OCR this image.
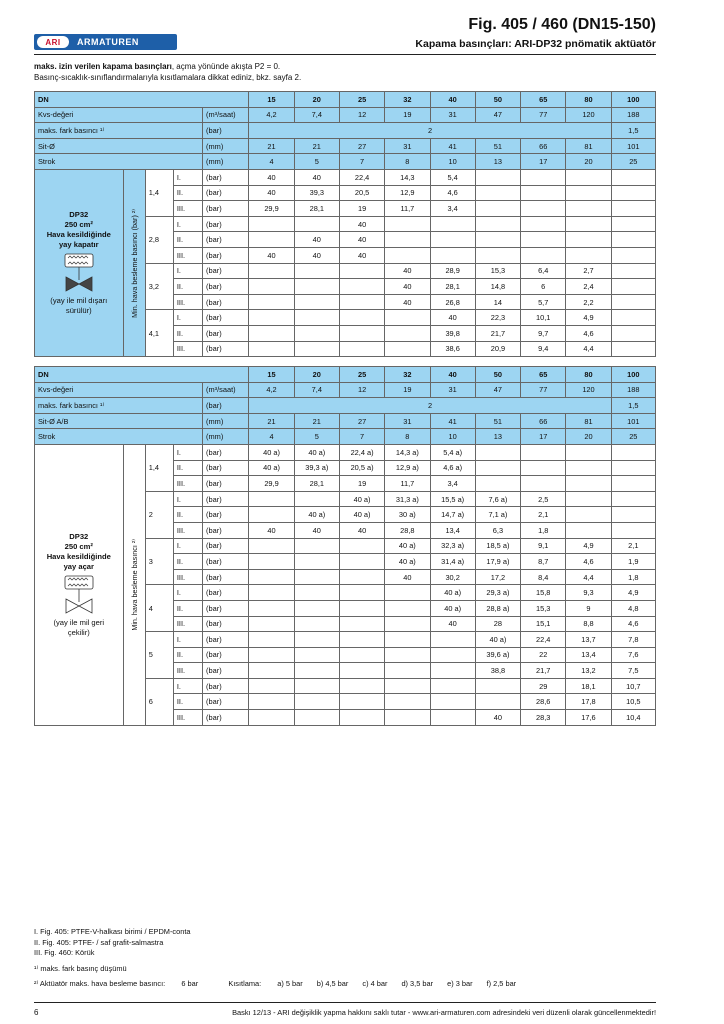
ARI	ARMATUREN
Fig. 405 / 460 (DN15-150)
Kapama basınçları: ARI-DP32 pnömatik aktüatör
maks. izin verilen kapama basınçları, açma yönünde akışta P2 = 0.
Basınç-sıcaklık-sınıflandırmalarıyla kısıtlamalara dikkat ediniz, bkz. sayfa 2.
DN					15	20	25	32	40	50	65	80	100
Kvs-değeri				(m³/saat)	4,2	7,4	12	19	31	47	77	120	188
maks. fark basıncı ¹⁾				(bar)	2								1,5
Sit-Ø				(mm)	21	21	27	31	41	51	66	81	101
Strok				(mm)	4	5	7	8	10	13	17	20	25

DP32
250 cm²
Hava kesildiğinde
yay kapatır
(yay ile mil dışarı sürülür)	Min. hava besleme basıncı (bar) ²⁾	1,4	I.	(bar)	40	40	22,4	14,3	5,4				
			II.	(bar)	40	39,3	20,5	12,9	4,6				
			III.	(bar)	29,9	28,1	19	11,7	3,4				
		2,8	I.	(bar)			40						
			II.	(bar)		40	40						
			III.	(bar)	40	40	40						
		3,2	I.	(bar)				40	28,9	15,3	6,4	2,7	
			II.	(bar)				40	28,1	14,8	6	2,4	
			III.	(bar)				40	26,8	14	5,7	2,2	
		4,1	I.	(bar)					40	22,3	10,1	4,9	
			II.	(bar)					39,8	21,7	9,7	4,6	
			III.	(bar)					38,6	20,9	9,4	4,4	
DN					15	20	25	32	40	50	65	80	100
Kvs-değeri				(m³/saat)	4,2	7,4	12	19	31	47	77	120	188
maks. fark basıncı ¹⁾				(bar)	2								1,5
Sit-Ø A/B				(mm)	21	21	27	31	41	51	66	81	101
Strok				(mm)	4	5	7	8	10	13	17	20	25

DP32
250 cm²
Hava kesildiğinde
yay açar
(yay ile mil geri çekilir)	Min. hava besleme basıncı ²⁾	1,4	I.	(bar)	40 a)	40 a)	22,4 a)	14,3 a)	5,4 a)				
			II.	(bar)	40 a)	39,3 a)	20,5 a)	12,9 a)	4,6 a)				
			III.	(bar)	29,9	28,1	19	11,7	3,4				
		2	I.	(bar)			40 a)	31,3 a)	15,5 a)	7,6 a)	2,5		
			II.	(bar)		40 a)	40 a)	30 a)	14,7 a)	7,1 a)	2,1		
			III.	(bar)	40	40	40	28,8	13,4	6,3	1,8		
		3	I.	(bar)				40 a)	32,3 a)	18,5 a)	9,1	4,9	2,1
			II.	(bar)				40 a)	31,4 a)	17,9 a)	8,7	4,6	1,9
			III.	(bar)				40	30,2	17,2	8,4	4,4	1,8
		4	I.	(bar)					40 a)	29,3 a)	15,8	9,3	4,9
			II.	(bar)					40 a)	28,8 a)	15,3	9	4,8
			III.	(bar)					40	28	15,1	8,8	4,6
		5	I.	(bar)						40 a)	22,4	13,7	7,8
			II.	(bar)						39,6 a)	22	13,4	7,6
			III.	(bar)						38,8	21,7	13,2	7,5
		6	I.	(bar)							29	18,1	10,7
			II.	(bar)							28,6	17,8	10,5
			III.	(bar)						40	28,3	17,6	10,4
I. Fig. 405: PTFE-V-halkası birimi / EPDM-conta
II. Fig. 405: PTFE- / saf grafit-salmastra
III. Fig. 460: Körük
¹⁾ maks. fark basınç düşümü
²⁾ Aktüatör maks. hava besleme basıncı: 6 bar	Kısıtlama: a) 5 bar b) 4,5 bar c) 4 bar d) 3,5 bar e) 3 bar f) 2,5 bar
6	Baskı 12/13 - ARI değişiklik yapma hakkını saklı tutar - www.ari-armaturen.com adresindeki veri düzenli olarak güncellenmektedir!
